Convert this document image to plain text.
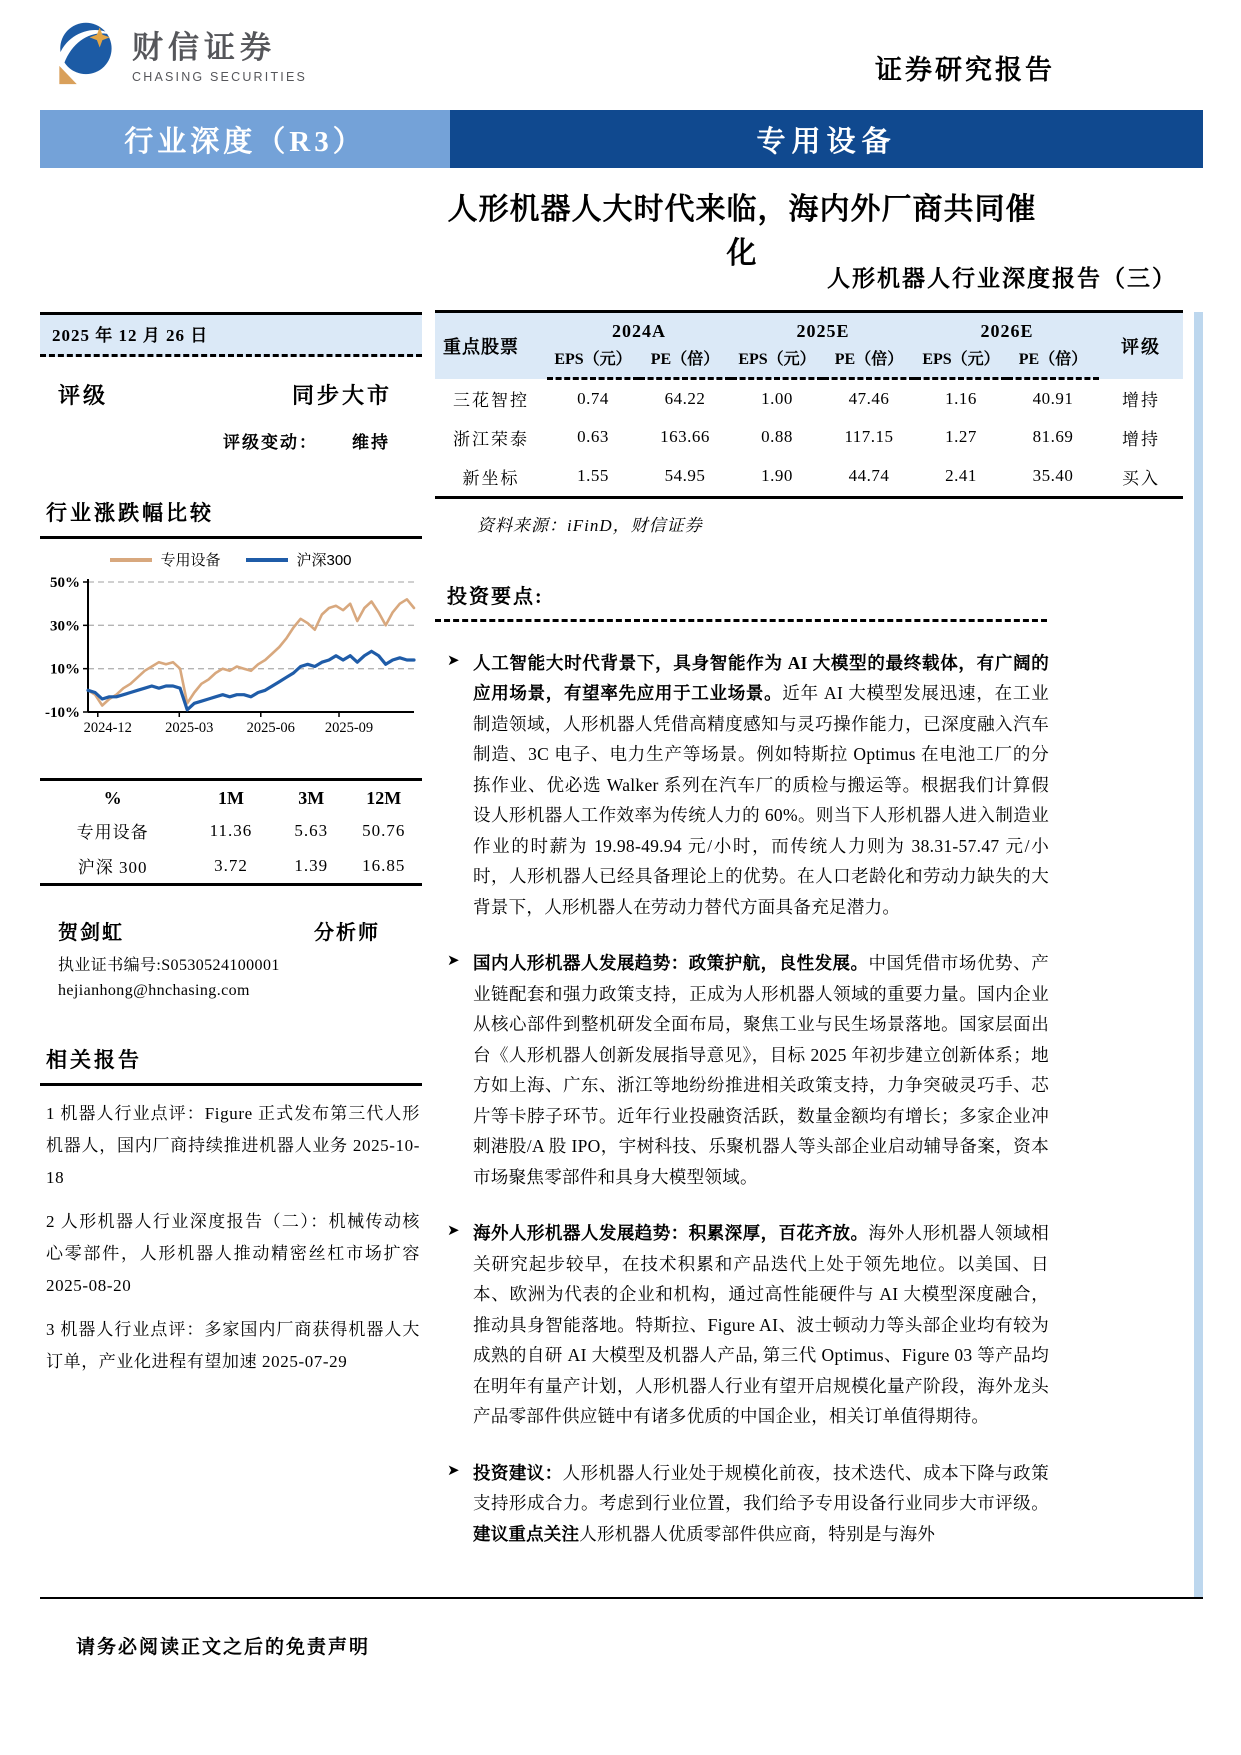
财信证券
CHASING SECURITIES	证券研究报告
行业深度（R3）	专用设备
人形机器人大时代来临，海内外厂商共同催化
人形机器人行业深度报告（三）
2025 年 12 月 26 日
评级	同步大市
评级变动： 维持
行业涨跌幅比较
专用设备	沪深300
50%
30%
10%
-10%
2024-12 2025-03 2025-06 2025-09
%	1M	3M	12M
专用设备	11.36	5.63	50.76
沪深 300	3.72	1.39	16.85
贺剑虹	分析师
执业证书编号:S0530524100001
hejianhong@hnchasing.com
相关报告
1 机器人行业点评：Figure 正式发布第三代人形机器人，国内厂商持续推进机器人业务 2025-10-18
2 人形机器人行业深度报告（二）：机械传动核心零部件，人形机器人推动精密丝杠市场扩容 2025-08-20
3 机器人行业点评：多家国内厂商获得机器人大订单，产业化进程有望加速 2025-07-29
重点股票	2024A		2025E		2026E		评级
	EPS（元）	PE（倍）	EPS（元）	PE（倍）	EPS（元）	PE（倍）	
三花智控	0.74	64.22	1.00	47.46	1.16	40.91	增持
浙江荣泰	0.63	163.66	0.88	117.15	1.27	81.69	增持
新坐标	1.55	54.95	1.90	44.74	2.41	35.40	买入
资料来源：iFinD，财信证券
投资要点:
➤ 人工智能大时代背景下，具身智能作为 AI 大模型的最终载体，有广阔的应用场景，有望率先应用于工业场景。近年 AI 大模型发展迅速，在工业制造领域，人形机器人凭借高精度感知与灵巧操作能力，已深度融入汽车制造、3C 电子、电力生产等场景。例如特斯拉 Optimus 在电池工厂的分拣作业、优必选 Walker 系列在汽车厂的质检与搬运等。根据我们计算假设人形机器人工作效率为传统人力的 60%。则当下人形机器人进入制造业作业的时薪为 19.98-49.94 元/小时，而传统人力则为 38.31-57.47 元/小时，人形机器人已经具备理论上的优势。在人口老龄化和劳动力缺失的大背景下，人形机器人在劳动力替代方面具备充足潜力。

➤ 国内人形机器人发展趋势：政策护航，良性发展。中国凭借市场优势、产业链配套和强力政策支持，正成为人形机器人领域的重要力量。国内企业从核心部件到整机研发全面布局，聚焦工业与民生场景落地。国家层面出台《人形机器人创新发展指导意见》，目标 2025 年初步建立创新体系；地方如上海、广东、浙江等地纷纷推进相关政策支持，力争突破灵巧手、芯片等卡脖子环节。近年行业投融资活跃，数量金额均有增长；多家企业冲刺港股/A 股 IPO，宇树科技、乐聚机器人等头部企业启动辅导备案，资本市场聚焦零部件和具身大模型领域。

➤ 海外人形机器人发展趋势：积累深厚，百花齐放。海外人形机器人领域相关研究起步较早，在技术积累和产品迭代上处于领先地位。以美国、日本、欧洲为代表的企业和机构，通过高性能硬件与 AI 大模型深度融合，推动具身智能落地。特斯拉、Figure AI、波士顿动力等头部企业均有较为成熟的自研 AI 大模型及机器人产品, 第三代 Optimus、Figure 03 等产品均在明年有量产计划，人形机器人行业有望开启规模化量产阶段，海外龙头产品零部件供应链中有诸多优质的中国企业，相关订单值得期待。

➤ 投资建议：人形机器人行业处于规模化前夜，技术迭代、成本下降与政策支持形成合力。考虑到行业位置，我们给予专用设备行业同步大市评级。建议重点关注人形机器人优质零部件供应商，特别是与海外

请务必阅读正文之后的免责声明
